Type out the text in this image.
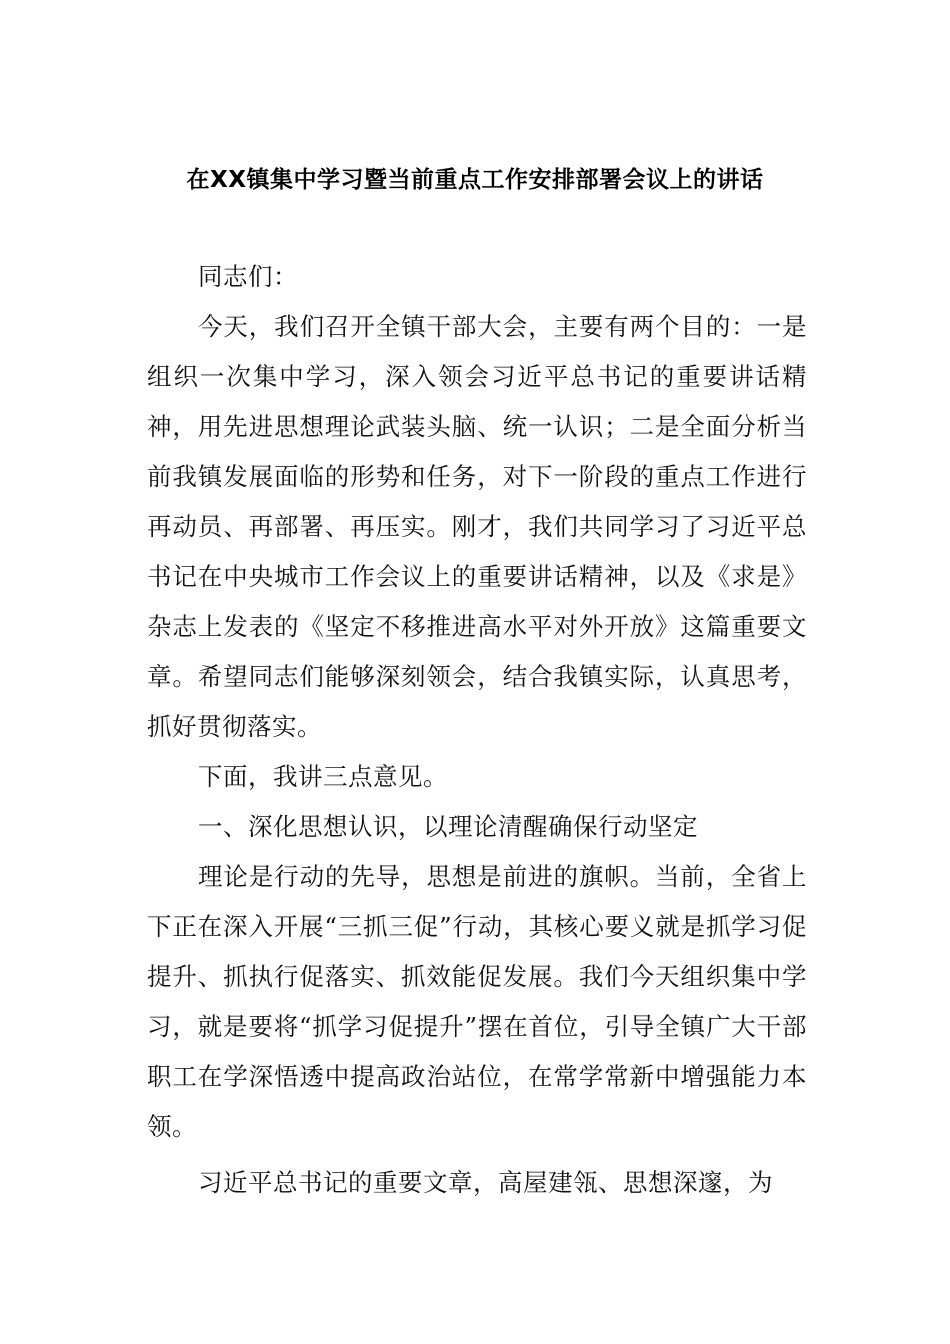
在XX镇集中学习暨当前重点工作安排部署会议上的讲话

同志们：

今天，我们召开全镇干部大会，主要有两个目的：一是组织一次集中学习，深入领会习近平总书记的重要讲话精神，用先进思想理论武装头脑、统一认识；二是全面分析当前我镇发展面临的形势和任务，对下一阶段的重点工作进行再动员、再部署、再压实。刚才，我们共同学习了习近平总书记在中央城市工作会议上的重要讲话精神，以及《求是》杂志上发表的《坚定不移推进高水平对外开放》这篇重要文章。希望同志们能够深刻领会，结合我镇实际，认真思考，抓好贯彻落实。

下面，我讲三点意见。

一、深化思想认识，以理论清醒确保行动坚定

理论是行动的先导，思想是前进的旗帜。当前，全省上下正在深入开展“三抓三促”行动，其核心要义就是抓学习促提升、抓执行促落实、抓效能促发展。我们今天组织集中学习，就是要将“抓学习促提升”摆在首位，引导全镇广大干部职工在学深悟透中提高政治站位，在常学常新中增强能力本领。

习近平总书记的重要文章，高屋建瓴、思想深邃，为
